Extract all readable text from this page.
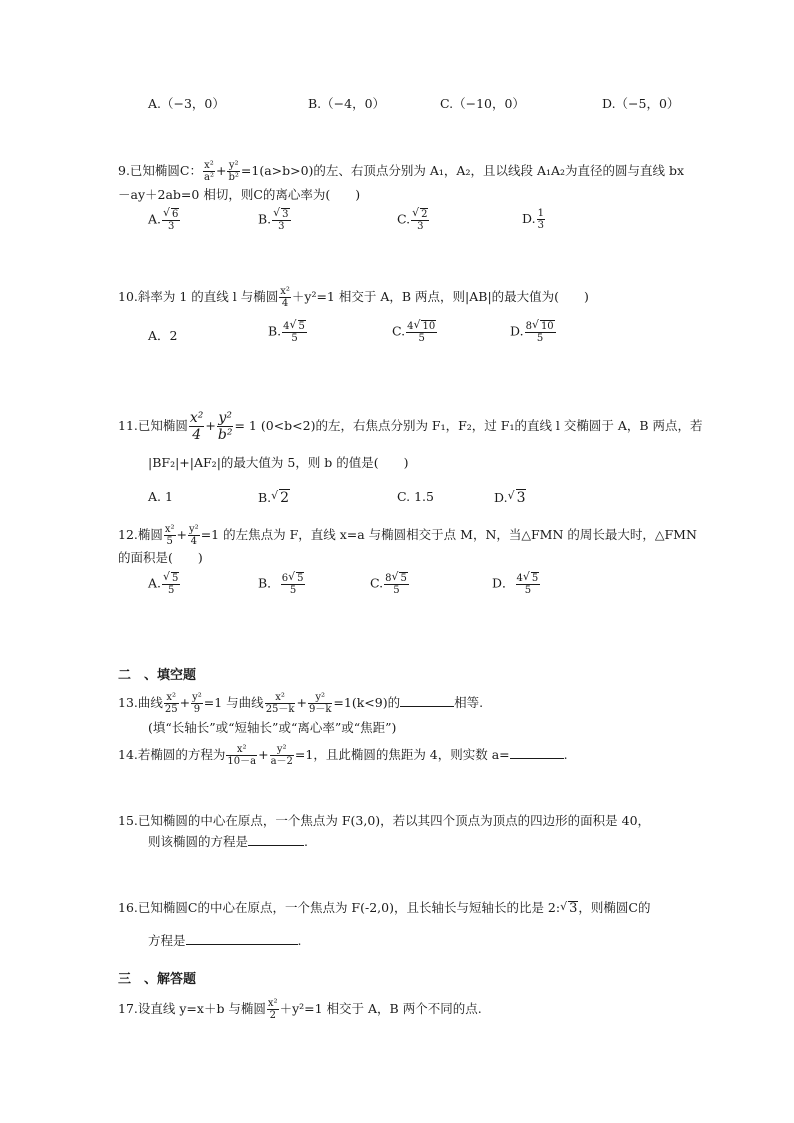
A.（−3，0）	B.（−4，0）	C.（−10，0）	D.（−5，0）
9.已知椭圆C： $\frac{\text{x²}}{\text{a²}} + \frac{\text{y²}}{\text{b²}} =1(a>b>0)$的左、右顶点分别为 A₁，A₂，且以线段 A₁A₂为直径的圆与直线 bx
－ay＋2ab=0 相切，则C的离心率为(　　)
A. √ $\frac{6}{3}$	B. √ $\frac{3}{3}$	C. √ $\frac{2}{3}$	D. $\frac{1}{3}$
10.斜率为 1 的直线 l 与椭圆 $\frac{\text{x²}}{4} +y^2=1$ 相交于 A，B 两点，则|AB|的最大值为(　　)
A．2	B. $\frac{4 √ 5}{5}$	C. $\frac{4 √ 10}{5}$	D. $\frac{8 √ 10}{5}$
11.已知椭圆 $\frac{\text{x²}}{4} + \frac{\text{y²}}{\text{b²}} = 1$ (0<b<2)的左，右焦点分别为 F₁，F₂，过 F₁的直线 l 交椭圆于 A，B 两点，若
|BF₂|+|AF₂|的最大值为 5，则 b 的值是(　　)
A. 1	B. √ 2	C. 1.5	D. √ 3
12.椭圆 $\frac{\text{x²}}{5} + \frac{\text{y²}}{4} =1$ 的左焦点为 F，直线 x=a 与椭圆相交于点 M，N，当△FMN 的周长最大时，△FMN
的面积是(　　)
A. √ $\frac{5}{5}$	B． $\frac{6 √ 5}{5}$	C. $\frac{8 √ 5}{5}$	D． $\frac{4 √ 5}{5}$
二　、填空题
13.曲线 $\frac{\text{x²}}{25} + \frac{\text{y²}}{9} =1$ 与曲线 $\frac{\text{x²}}{25-k} + \frac{\text{y²}}{9-k} =1(k<9)$的	相等.
(填“长轴长”或“短轴长”或“离心率”或“焦距”)
14.若椭圆的方程为 $\frac{\text{x²}}{10-a} + \frac{\text{y²}}{a-2} =1$，且此椭圆的焦距为 4，则实数 a=	.
15.已知椭圆的中心在原点，一个焦点为 F(3,0)，若以其四个顶点为顶点的四边形的面积是 40，
则该椭圆的方程是	.
16.已知椭圆C的中心在原点，一个焦点为 F(-2,0)，且长轴长与短轴长的比是 2: √ 3，则椭圆C的
方程是	.
三　、解答题
17.设直线 y=x＋b 与椭圆 $\frac{\text{x²}}{2} +y^2=1$ 相交于 A，B 两个不同的点.
